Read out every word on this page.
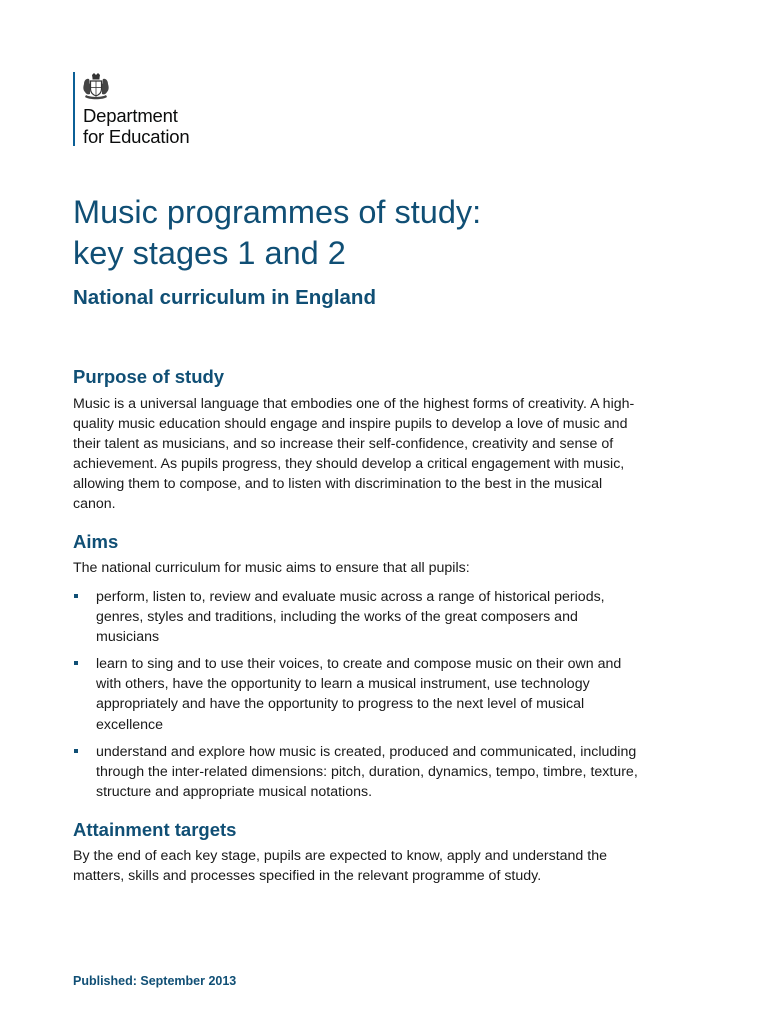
Department
for Education
Music programmes of study:
key stages 1 and 2
National curriculum in England
Purpose of study
Music is a universal language that embodies one of the highest forms of creativity. A high-
quality music education should engage and inspire pupils to develop a love of music and
their talent as musicians, and so increase their self-confidence, creativity and sense of
achievement. As pupils progress, they should develop a critical engagement with music,
allowing them to compose, and to listen with discrimination to the best in the musical
canon.
Aims

The national curriculum for music aims to ensure that all pupils:

perform, listen to, review and evaluate music across a range of historical periods,
genres, styles and traditions, including the works of the great composers and
musicians
learn to sing and to use their voices, to create and compose music on their own and
with others, have the opportunity to learn a musical instrument, use technology
appropriately and have the opportunity to progress to the next level of musical
excellence
understand and explore how music is created, produced and communicated, including
through the inter-related dimensions: pitch, duration, dynamics, tempo, timbre, texture,
structure and appropriate musical notations.
Attainment targets
By the end of each key stage, pupils are expected to know, apply and understand the
matters, skills and processes specified in the relevant programme of study.

Published: September 2013
